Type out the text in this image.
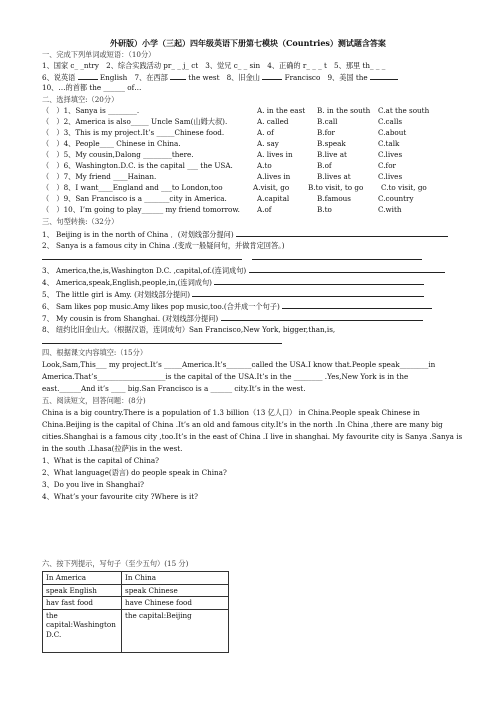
外研版）小学（三起）四年级英语下册第七模块（Countries）测试题含答案
一、完成下列单词或短语：（10分）
1、国家 c_ _ntry　2、综合实践活动 pr_ _ j_ ct　3、觉兄 c_ _ sin　4、正确的 r_ _ _ t　5、那里 th_ _ _
6、说英语	English　7、在西部	the west　8、旧金山	Francisco　9、美国 the
10、…的首都 the ______ of…
二、选择填空:（20分）
（　）1、Sanya is ________.	A. in the east B. in the south C.at the south
（　）2、America is also_____ Uncle Sam(山姆大叔).	A. called	B.call	C.calls
（　）3、This is my project.It’s _____Chinese food.	A. of	B.for	C.about
（　）4、People____ Chinese in China.	A. say	B.speak	C.talk
（　）5、My cousin,Dalong ________there.	A. lives in	B.live at	C.lives
（　）6、Washington.D.C. is the capital ___ the USA.	A.to	B.of	C.for
（　）7、My friend ____Hainan.	A.lives in	B.lives at	C.lives
（　）8、I want____England and ___to London,too	A.visit, go	B.to visit, to go C.to visit, go
（　）9、San Francisco is a _______city in America.	A.capital	B.famous	C.country
（　）10、I’m going to play______ my friend tomorrow. A.of	B.to	C.with
三、句型转换:（32分）
1、 Beijing is in the north of China ．(对划线部分提问)
2、 Sanya is a famous city in China .(变成一般疑问句，并做肯定回答。)

3、 America,the,is,Washington D.C. ,capital,of.(连词成句)
4、 America,speak,English,people,in,(连词成句)
5、 The little girl is Amy. (对划线部分提问)
6、 Sam likes pop music.Amy likes pop music,too.(合并成一个句子)
7、 My cousin is from Shanghai. (对划线部分提问)
8、 纽约比旧金山大。（根据汉语，连词成句）San Francisco,New York, bigger,than,is,
四、根据课文内容填空:（15分）
Look,Sam,This___ my project.It’s _____America.It’s_______called the USA.I know that.People speak________in
America.That’s___________________is the capital of the USA.It’s in the ________ .Yes,New York is in the
east.______And it’s ____ big.San Francisco is a ______ city.It’s in the west.
五、阅读短文，回答问题：(8分)
China is a big country.There is a population of 1.3 billion（13 亿人口） in China.People speak Chinese in
China.Beijing is the capital of China .It’s an old and famous city.It’s in the north .In China ,there are many big
cities.Shanghai is a famous city ,too.It’s in the east of China .I live in shanghai. My favourite city is Sanya .Sanya is
in the south .Lhasa(拉萨)is in the west.
1、What is the capital of China?
2、What language(语言) do people speak in China?
3、Do you live in Shanghai?
4、What’s your favourite city ?Where is it?
六、按下列提示，写句子（至少五句）(15 分)
In America	In China
speak English	speak Chinese
hav fast food	have Chinese food
the capital:Washington D.C.	the capital:Beijing
